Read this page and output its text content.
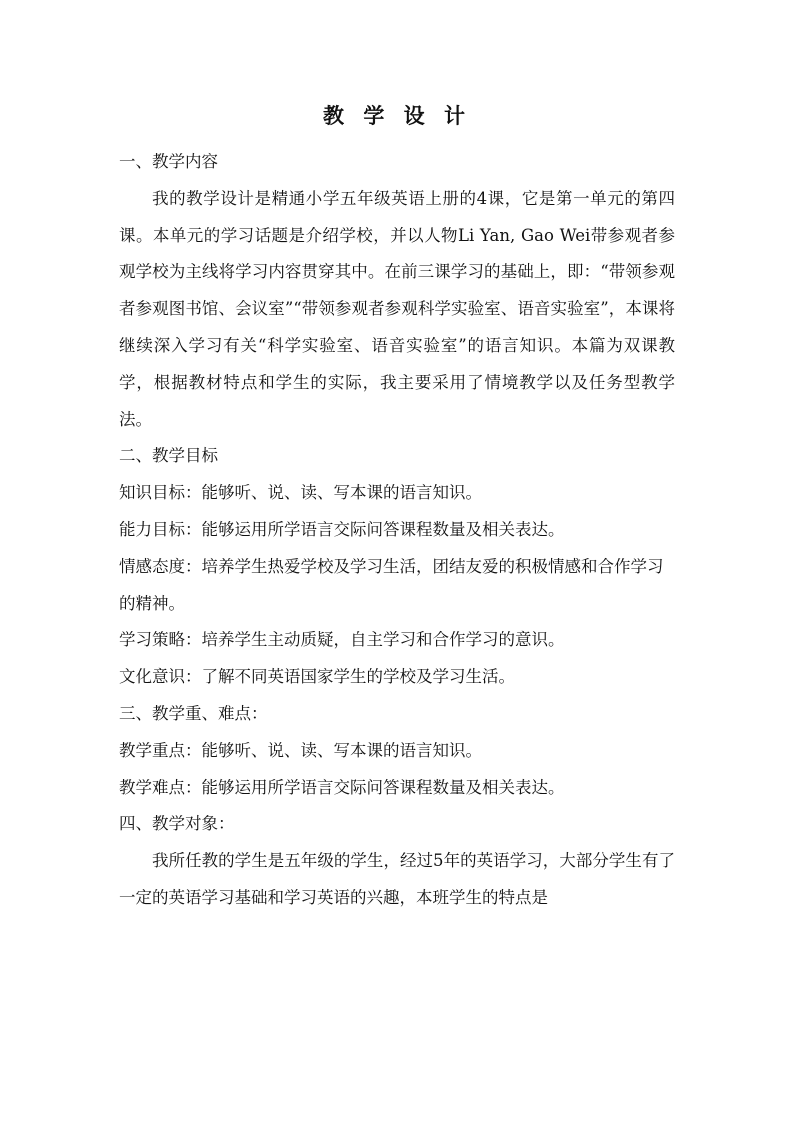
教 学 设 计

一、教学内容

我的教学设计是精通小学五年级英语上册的4课，它是第一单元的第四课。本单元的学习话题是介绍学校，并以人物Li Yan, Gao Wei带参观者参观学校为主线将学习内容贯穿其中。在前三课学习的基础上，即：“带领参观者参观图书馆、会议室”“带领参观者参观科学实验室、语音实验室”，本课将继续深入学习有关“科学实验室、语音实验室”的语言知识。本篇为双课教学，根据教材特点和学生的实际，我主要采用了情境教学以及任务型教学法。

二、教学目标

知识目标：能够听、说、读、写本课的语言知识。

能力目标：能够运用所学语言交际问答课程数量及相关表达。

情感态度：培养学生热爱学校及学习生活，团结友爱的积极情感和合作学习的精神。

学习策略：培养学生主动质疑，自主学习和合作学习的意识。

文化意识：了解不同英语国家学生的学校及学习生活。

三、教学重、难点：

教学重点：能够听、说、读、写本课的语言知识。

教学难点：能够运用所学语言交际问答课程数量及相关表达。

四、教学对象：

我所任教的学生是五年级的学生，经过5年的英语学习，大部分学生有了一定的英语学习基础和学习英语的兴趣，本班学生的特点是
